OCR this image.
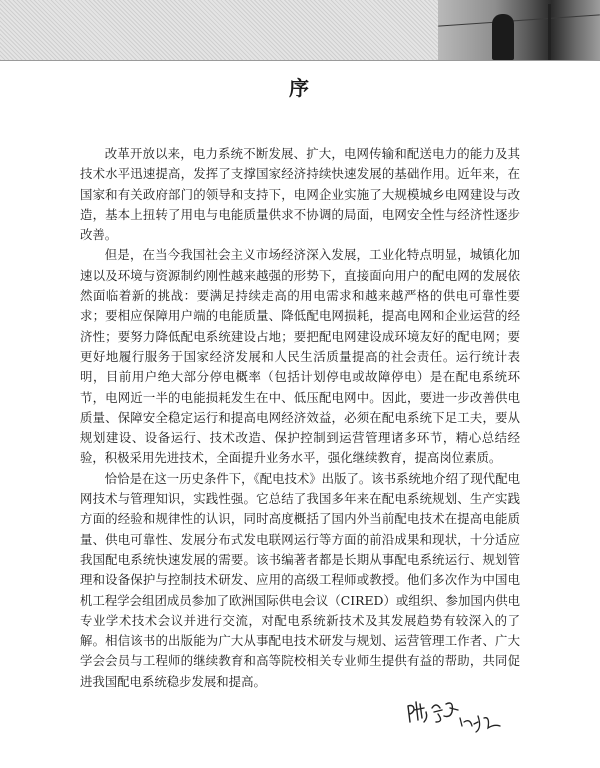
序

改革开放以来，电力系统不断发展、扩大，电网传输和配送电力的能力及其技术水平迅速提高，发挥了支撑国家经济持续快速发展的基础作用。近年来，在国家和有关政府部门的领导和支持下，电网企业实施了大规模城乡电网建设与改造，基本上扭转了用电与电能质量供求不协调的局面，电网安全性与经济性逐步改善。

但是，在当今我国社会主义市场经济深入发展，工业化特点明显，城镇化加速以及环境与资源制约刚性越来越强的形势下，直接面向用户的配电网的发展依然面临着新的挑战：要满足持续走高的用电需求和越来越严格的供电可靠性要求；要相应保障用户端的电能质量、降低配电网损耗，提高电网和企业运营的经济性；要努力降低配电系统建设占地；要把配电网建设成环境友好的配电网；要更好地履行服务于国家经济发展和人民生活质量提高的社会责任。运行统计表明，目前用户绝大部分停电概率（包括计划停电或故障停电）是在配电系统环节，电网近一半的电能损耗发生在中、低压配电网中。因此，要进一步改善供电质量、保障安全稳定运行和提高电网经济效益，必须在配电系统下足工夫，要从规划建设、设备运行、技术改造、保护控制到运营管理诸多环节，精心总结经验，积极采用先进技术，全面提升业务水平，强化继续教育，提高岗位素质。

恰恰是在这一历史条件下，《配电技术》出版了。该书系统地介绍了现代配电网技术与管理知识，实践性强。它总结了我国多年来在配电系统规划、生产实践方面的经验和规律性的认识，同时高度概括了国内外当前配电技术在提高电能质量、供电可靠性、发展分布式发电联网运行等方面的前沿成果和现状，十分适应我国配电系统快速发展的需要。该书编著者都是长期从事配电系统运行、规划管理和设备保护与控制技术研发、应用的高级工程师或教授。他们多次作为中国电机工程学会组团成员参加了欧洲国际供电会议（CIRED）或组织、参加国内供电专业学术技术会议并进行交流，对配电系统新技术及其发展趋势有较深入的了解。相信该书的出版能为广大从事配电技术研发与规划、运营管理工作者、广大学会会员与工程师的继续教育和高等院校相关专业师生提供有益的帮助，共同促进我国配电系统稳步发展和提高。
